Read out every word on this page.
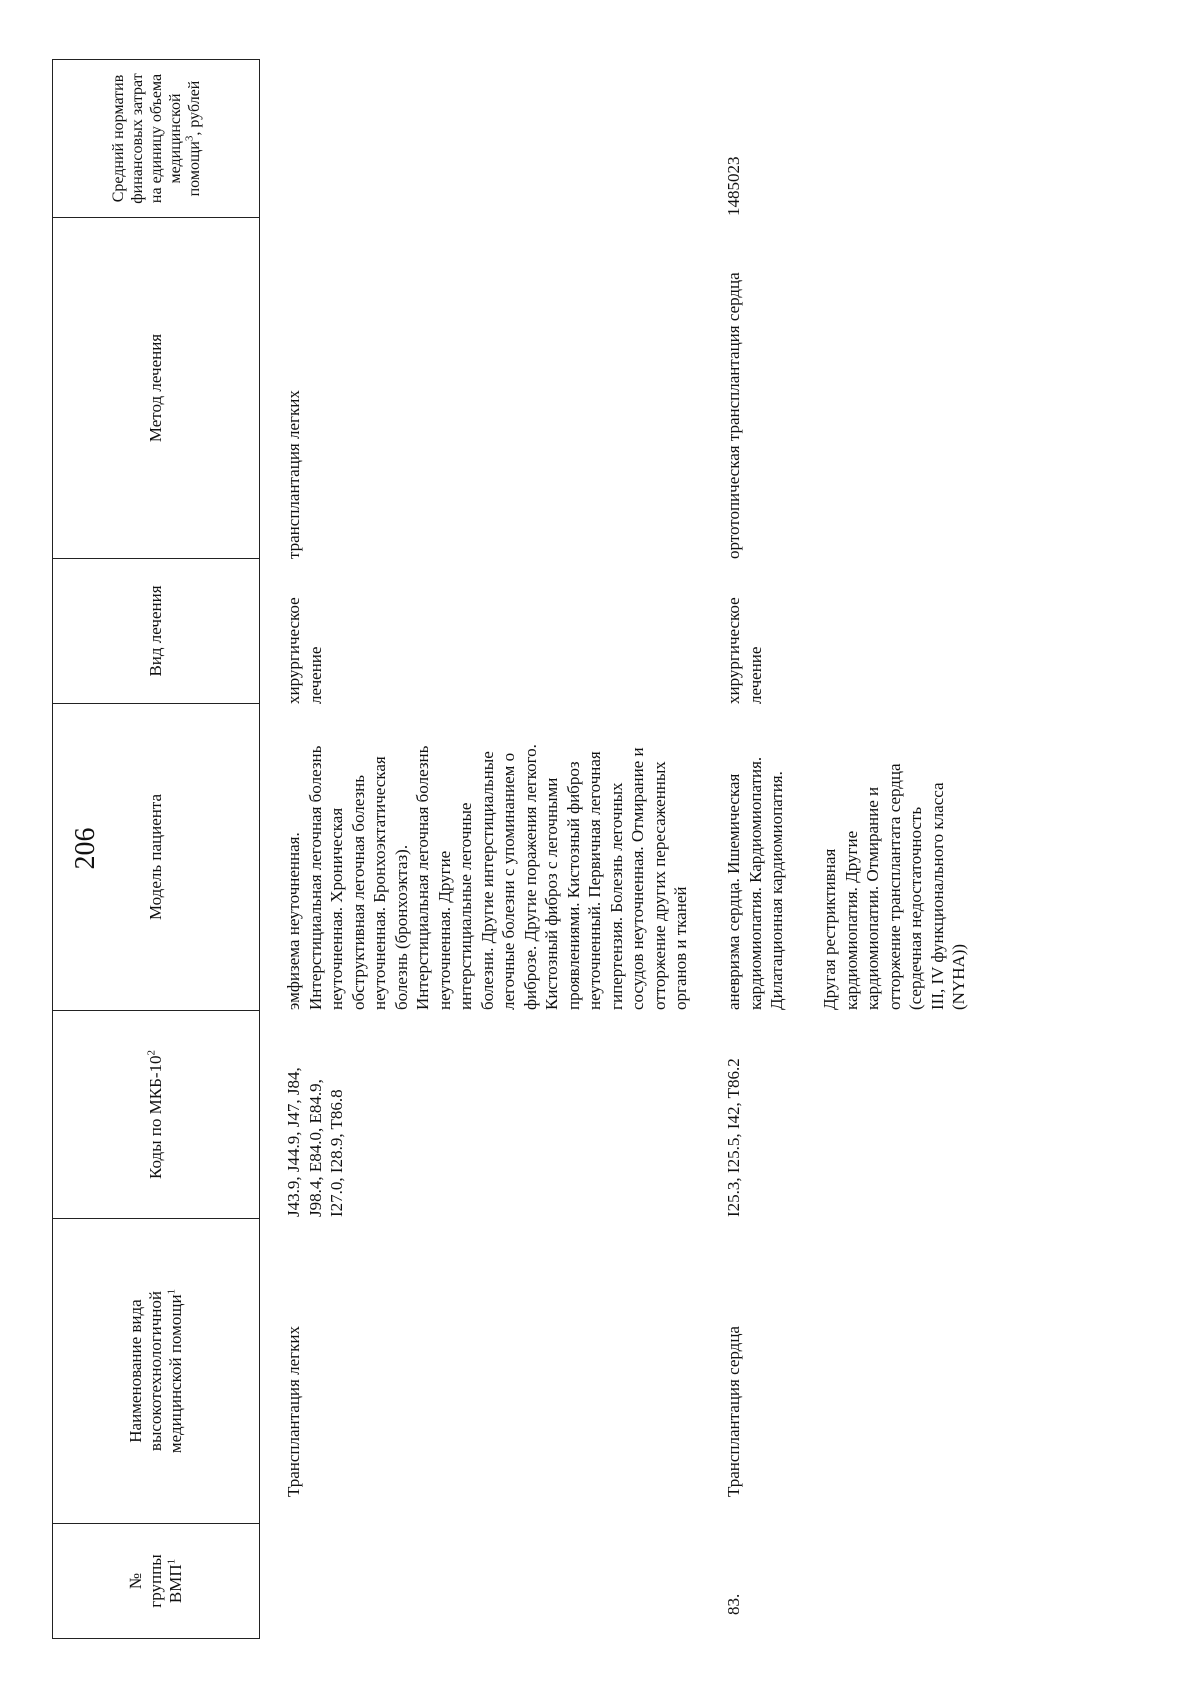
206
№
группы
ВМП$^1$
Наименование вида
высокотехнологичной
медицинской помощи$^1$
Коды по МКБ-$10^2$
Модель пациента
Вид лечения
Метод лечения
Средний норматив
финансовых затрат
на единицу объема
медицинской
помощи$^3$, рублей
Трансплантация легких
J43.9, J44.9, J47, J84,
J98.4, E84.0, E84.9,
I27.0, I28.9, T86.8
эмфизема неуточненная.
Интерстициальная легочная болезнь
неуточненная. Хроническая
обструктивная легочная болезнь
неуточненная. Бронхоэктатическая
болезнь (бронхоэктаз).
Интерстициальная легочная болезнь
неуточненная. Другие
интерстициальные легочные
болезни. Другие интерстициальные
легочные болезни с упоминанием о
фиброзе. Другие поражения легкого.
Кистозный фиброз с легочными
проявлениями. Кистозный фиброз
неуточненный. Первичная легочная
гипертензия. Болезнь легочных
сосудов неуточненная. Отмирание и
отторжение других пересаженных
органов и тканей
хирургическое
лечение
трансплантация легких
83.
Трансплантация сердца
I25.3, I25.5, I42, T86.2
аневризма сердца. Ишемическая
кардиомиопатия. Кардиомиопатия.
Дилатационная кардиомиопатия.
Другая рестриктивная
кардиомиопатия. Другие
кардиомиопатии. Отмирание и
отторжение трансплантата сердца
(сердечная недостаточность
III, IV функционального класса
(NYHA))
хирургическое
лечение
ортотопическая трансплантация сердца
1485023
